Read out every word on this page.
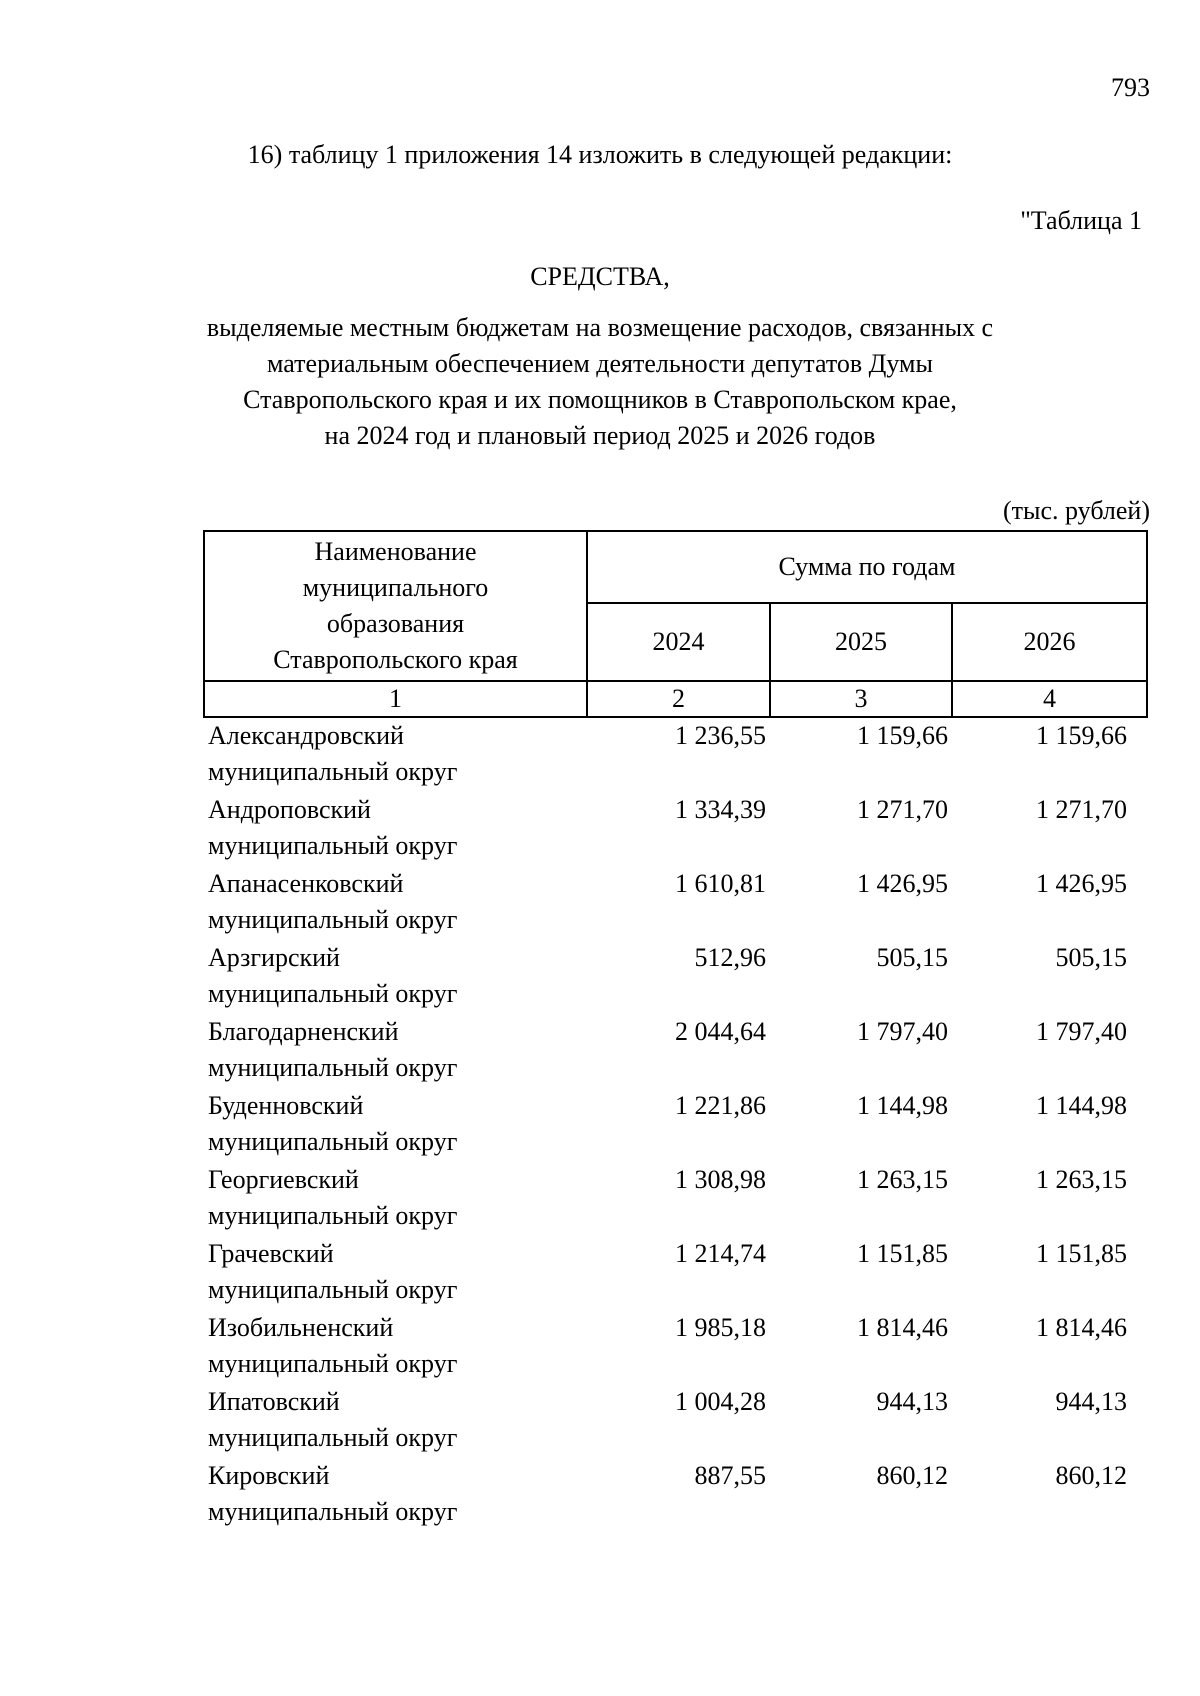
793
16) таблицу 1 приложения 14 изложить в следующей редакции:
"Таблица 1
СРЕДСТВА,
выделяемые местным бюджетам на возмещение расходов, связанных с
материальным обеспечением деятельности депутатов Думы
Ставропольского края и их помощников в Ставропольском крае,
на 2024 год и плановый период 2025 и 2026 годов
(тыс. рублей)
Наименование
муниципального
образования
Ставропольского края	Сумма по годам		
	2024	2025	2026
1	2	3	4

Александровский
муниципальный округ	1 236,55	1 159,66	1 159,66

Андроповский
муниципальный округ	1 334,39	1 271,70	1 271,70

Апанасенковский
муниципальный округ	1 610,81	1 426,95	1 426,95

Арзгирский
муниципальный округ	512,96	505,15	505,15

Благодарненский
муниципальный округ	2 044,64	1 797,40	1 797,40

Буденновский
муниципальный округ	1 221,86	1 144,98	1 144,98

Георгиевский
муниципальный округ	1 308,98	1 263,15	1 263,15

Грачевский
муниципальный округ	1 214,74	1 151,85	1 151,85

Изобильненский
муниципальный округ	1 985,18	1 814,46	1 814,46

Ипатовский
муниципальный округ	1 004,28	944,13	944,13

Кировский
муниципальный округ	887,55	860,12	860,12
